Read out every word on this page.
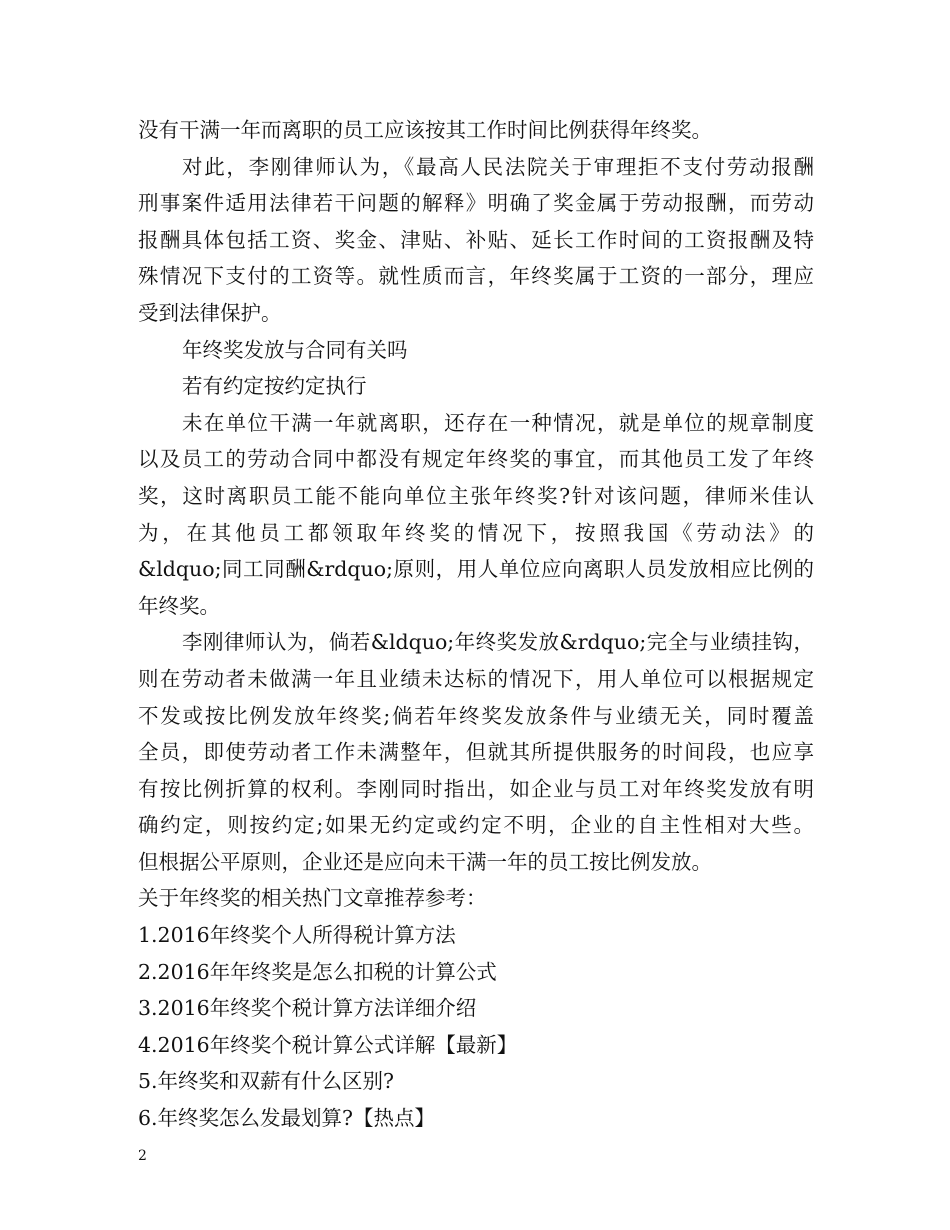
没有干满一年而离职的员工应该按其工作时间比例获得年终奖。
对此，李刚律师认为，《最高人民法院关于审理拒不支付劳动报酬
刑事案件适用法律若干问题的解释》明确了奖金属于劳动报酬，而劳动
报酬具体包括工资、奖金、津贴、补贴、延长工作时间的工资报酬及特
殊情况下支付的工资等。就性质而言，年终奖属于工资的一部分，理应
受到法律保护。
年终奖发放与合同有关吗
若有约定按约定执行
未在单位干满一年就离职，还存在一种情况，就是单位的规章制度
以及员工的劳动合同中都没有规定年终奖的事宜，而其他员工发了年终
奖，这时离职员工能不能向单位主张年终奖?针对该问题，律师米佳认
为，在其他员工都领取年终奖的情况下，按照我国《劳动法》的
&ldquo;同工同酬&rdquo;原则，用人单位应向离职人员发放相应比例的
年终奖。
李刚律师认为，倘若&ldquo;年终奖发放&rdquo;完全与业绩挂钩，
则在劳动者未做满一年且业绩未达标的情况下，用人单位可以根据规定
不发或按比例发放年终奖;倘若年终奖发放条件与业绩无关，同时覆盖
全员，即使劳动者工作未满整年，但就其所提供服务的时间段，也应享
有按比例折算的权利。李刚同时指出，如企业与员工对年终奖发放有明
确约定，则按约定;如果无约定或约定不明，企业的自主性相对大些。
但根据公平原则，企业还是应向未干满一年的员工按比例发放。
关于年终奖的相关热门文章推荐参考：
1.2016年终奖个人所得税计算方法
2.2016年年终奖是怎么扣税的计算公式
3.2016年终奖个税计算方法详细介绍
4.2016年终奖个税计算公式详解【最新】
5.年终奖和双薪有什么区别?
6.年终奖怎么发最划算?【热点】
2
